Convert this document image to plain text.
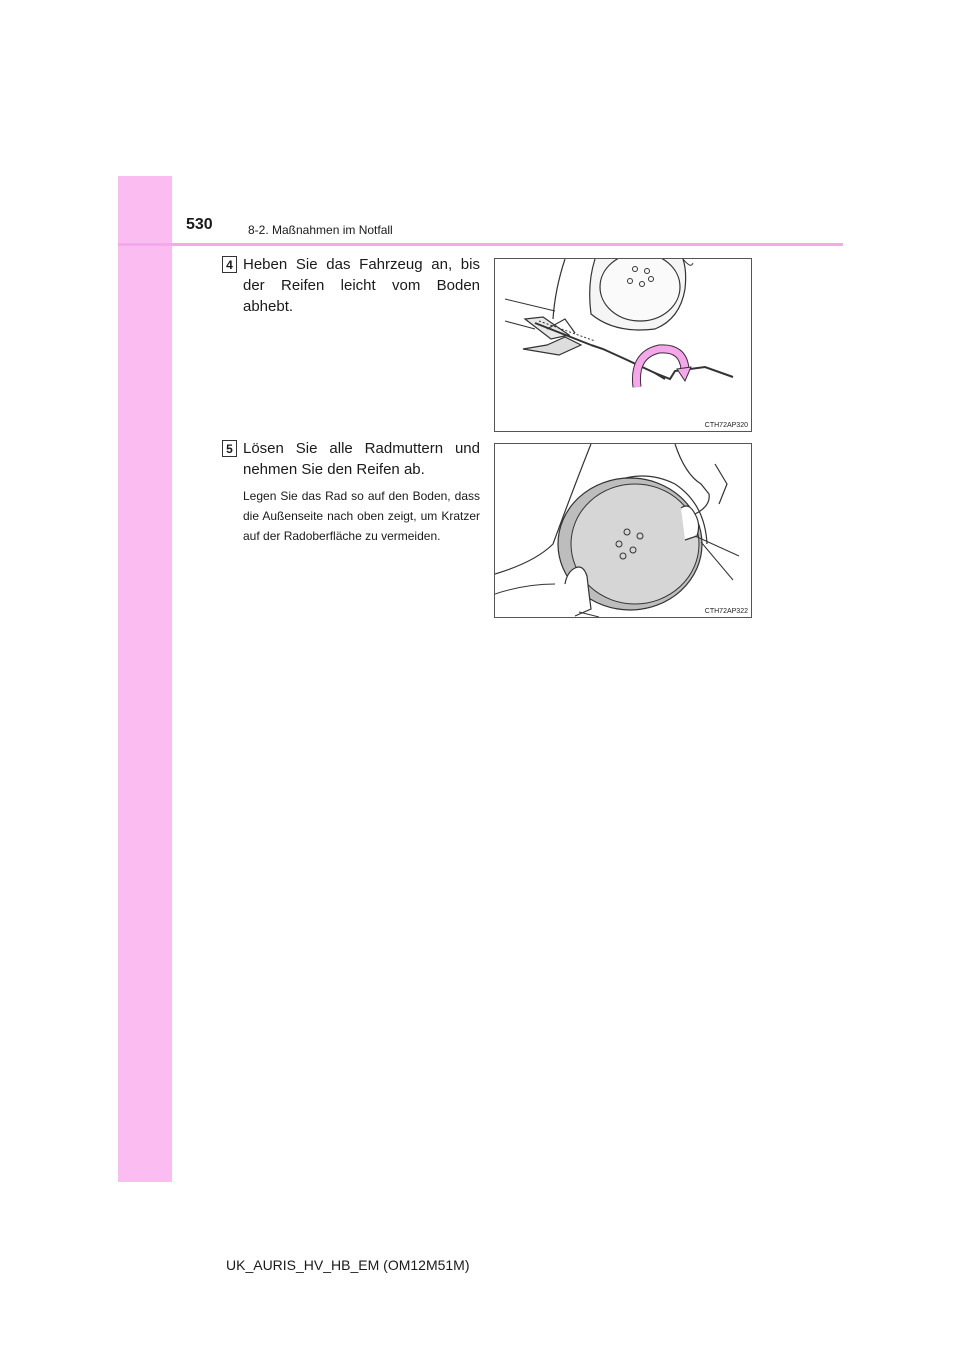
530	8-2. Maßnahmen im Notfall
4 Heben Sie das Fahrzeug an, bis der Reifen leicht vom Boden abhebt.
CTH72AP320
5 Lösen Sie alle Radmuttern und nehmen Sie den Reifen ab.
Legen Sie das Rad so auf den Boden, dass die Außenseite nach oben zeigt, um Kratzer auf der Radoberfläche zu vermeiden.
CTH72AP322
UK_AURIS_HV_HB_EM (OM12M51M)
